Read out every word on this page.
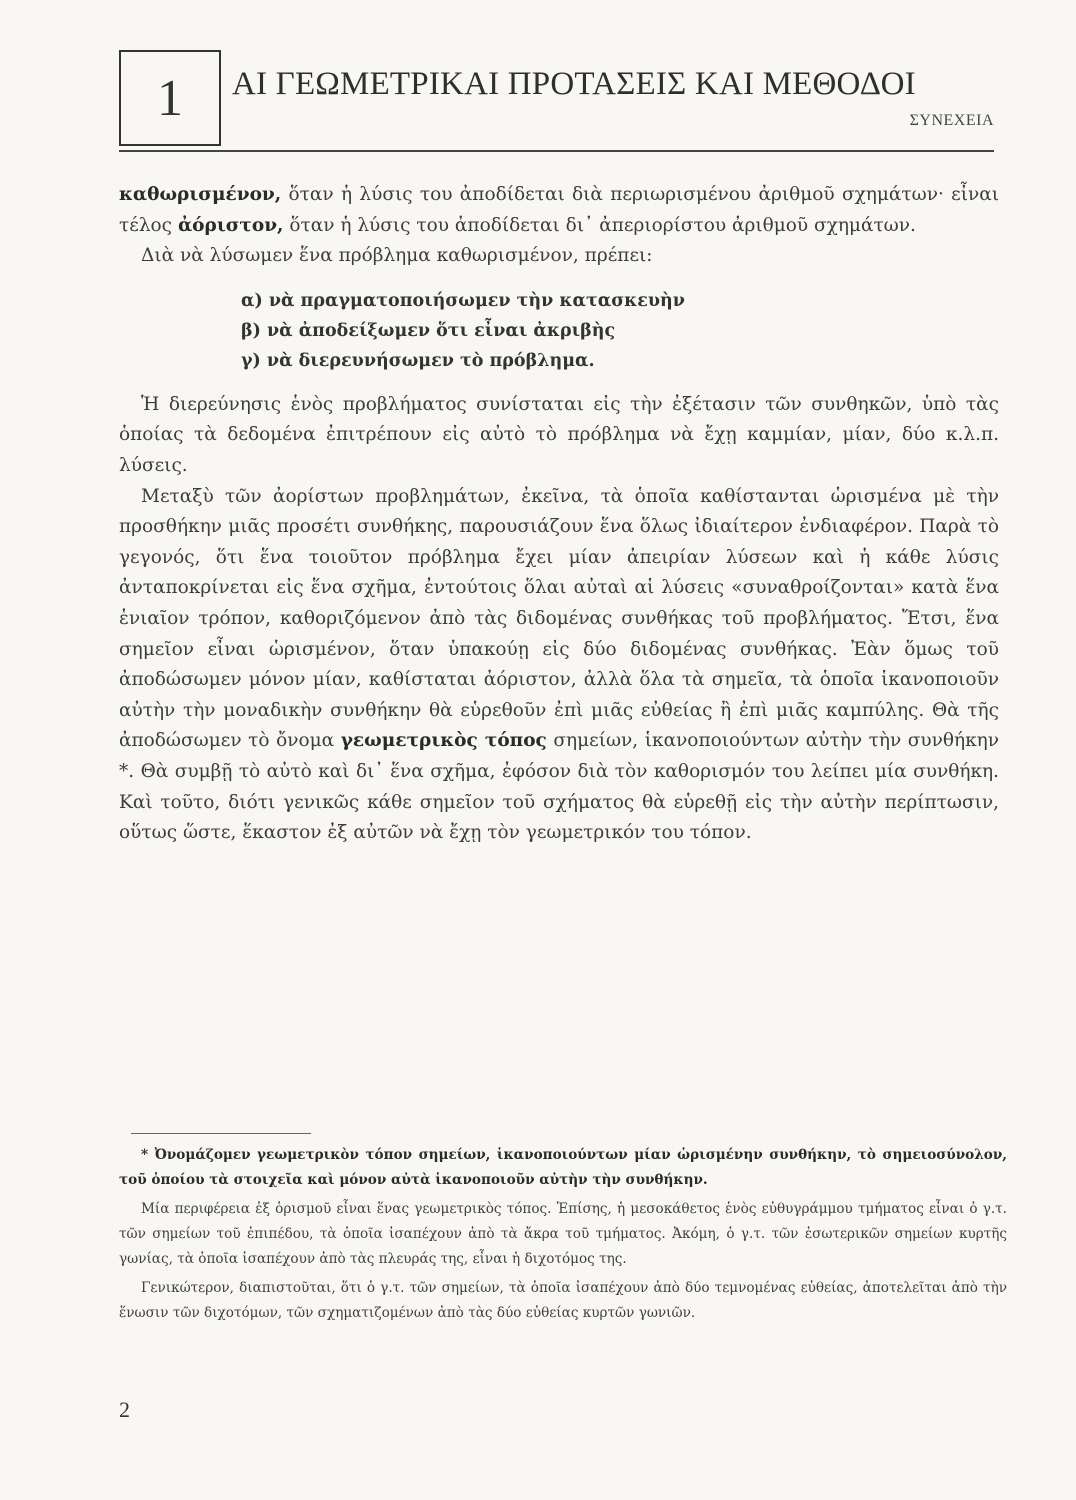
1 ΑΙ ΓΕΩΜΕΤΡΙΚΑΙ ΠΡΟΤΑΣΕΙΣ ΚΑΙ ΜΕΘΟΔΟΙ
ΣΥΝΕΧΕΙΑ

καθωρισμένον, ὅταν ἡ λύσις του ἀποδίδεται διὰ περιωρισμένου ἀριθμοῦ σχημάτων· εἶναι τέλος ἀόριστον, ὅταν ἡ λύσις του ἀποδίδεται δι᾽ ἀπεριορίστου ἀριθμοῦ σχημάτων.

Διὰ νὰ λύσωμεν ἕνα πρόβλημα καθωρισμένον, πρέπει:

α) νὰ πραγματοποιήσωμεν τὴν κατασκευὴν
β) νὰ ἀποδείξωμεν ὅτι εἶναι ἀκριβὴς
γ) νὰ διερευνήσωμεν τὸ πρόβλημα.

Ἡ διερεύνησις ἑνὸς προβλήματος συνίσταται εἰς τὴν ἐξέτασιν τῶν συνθηκῶν, ὑπὸ τὰς ὁποίας τὰ δεδομένα ἐπιτρέπουν εἰς αὐτὸ τὸ πρόβλημα νὰ ἔχῃ καμμίαν, μίαν, δύο κ.λ.π. λύσεις.

Μεταξὺ τῶν ἀορίστων προβλημάτων, ἐκεῖνα, τὰ ὁποῖα καθίστανται ὡρισμένα μὲ τὴν προσθήκην μιᾶς προσέτι συνθήκης, παρουσιάζουν ἕνα ὅλως ἰδιαίτερον ἐνδιαφέρον. Παρὰ τὸ γεγονός, ὅτι ἕνα τοιοῦτον πρόβλημα ἔχει μίαν ἀπειρίαν λύσεων καὶ ἡ κάθε λύσις ἀνταποκρίνεται εἰς ἕνα σχῆμα, ἐντούτοις ὅλαι αὐταὶ αἱ λύσεις «συναθροίζονται» κατὰ ἕνα ἑνιαῖον τρόπον, καθοριζόμενον ἀπὸ τὰς διδομένας συνθήκας τοῦ προβλήματος. Ἔτσι, ἕνα σημεῖον εἶναι ὡρισμένον, ὅταν ὑπακούῃ εἰς δύο διδομένας συνθήκας. Ἐὰν ὅμως τοῦ ἀποδώσωμεν μόνον μίαν, καθίσταται ἀόριστον, ἀλλὰ ὅλα τὰ σημεῖα, τὰ ὁποῖα ἱκανοποιοῦν αὐτὴν τὴν μοναδικὴν συνθήκην θὰ εὑρεθοῦν ἐπὶ μιᾶς εὐθείας ἢ ἐπὶ μιᾶς καμπύλης. Θὰ τῆς ἀποδώσωμεν τὸ ὄνομα γεωμετρικὸς τόπος σημείων, ἱκανοποιούντων αὐτὴν τὴν συνθήκην *. Θὰ συμβῇ τὸ αὐτὸ καὶ δι᾽ ἕνα σχῆμα, ἐφόσον διὰ τὸν καθορισμόν του λείπει μία συνθήκη. Καὶ τοῦτο, διότι γενικῶς κάθε σημεῖον τοῦ σχήματος θὰ εὑρεθῇ εἰς τὴν αὐτὴν περίπτωσιν, οὕτως ὥστε, ἕκαστον ἐξ αὐτῶν νὰ ἔχῃ τὸν γεωμετρικόν του τόπον.

* Ὀνομάζομεν γεωμετρικὸν τόπον σημείων, ἱκανοποιούντων μίαν ὡρισμένην συνθήκην, τὸ σημειοσύνολον, τοῦ ὁποίου τὰ στοιχεῖα καὶ μόνον αὐτὰ ἱκανοποιοῦν αὐτὴν τὴν συνθήκην.

Μία περιφέρεια ἐξ ὁρισμοῦ εἶναι ἕνας γεωμετρικὸς τόπος. Ἐπίσης, ἡ μεσοκάθετος ἑνὸς εὐθυγράμμου τμήματος εἶναι ὁ γ.τ. τῶν σημείων τοῦ ἐπιπέδου, τὰ ὁποῖα ἰσαπέχουν ἀπὸ τὰ ἄκρα τοῦ τμήματος. Ἀκόμη, ὁ γ.τ. τῶν ἐσωτερικῶν σημείων κυρτῆς γωνίας, τὰ ὁποῖα ἰσαπέχουν ἀπὸ τὰς πλευράς της, εἶναι ἡ διχοτόμος της.

Γενικώτερον, διαπιστοῦται, ὅτι ὁ γ.τ. τῶν σημείων, τὰ ὁποῖα ἰσαπέχουν ἀπὸ δύο τεμνομένας εὐθείας, ἀποτελεῖται ἀπὸ τὴν ἕνωσιν τῶν διχοτόμων, τῶν σχηματιζομένων ἀπὸ τὰς δύο εὐθείας κυρτῶν γωνιῶν.

2
